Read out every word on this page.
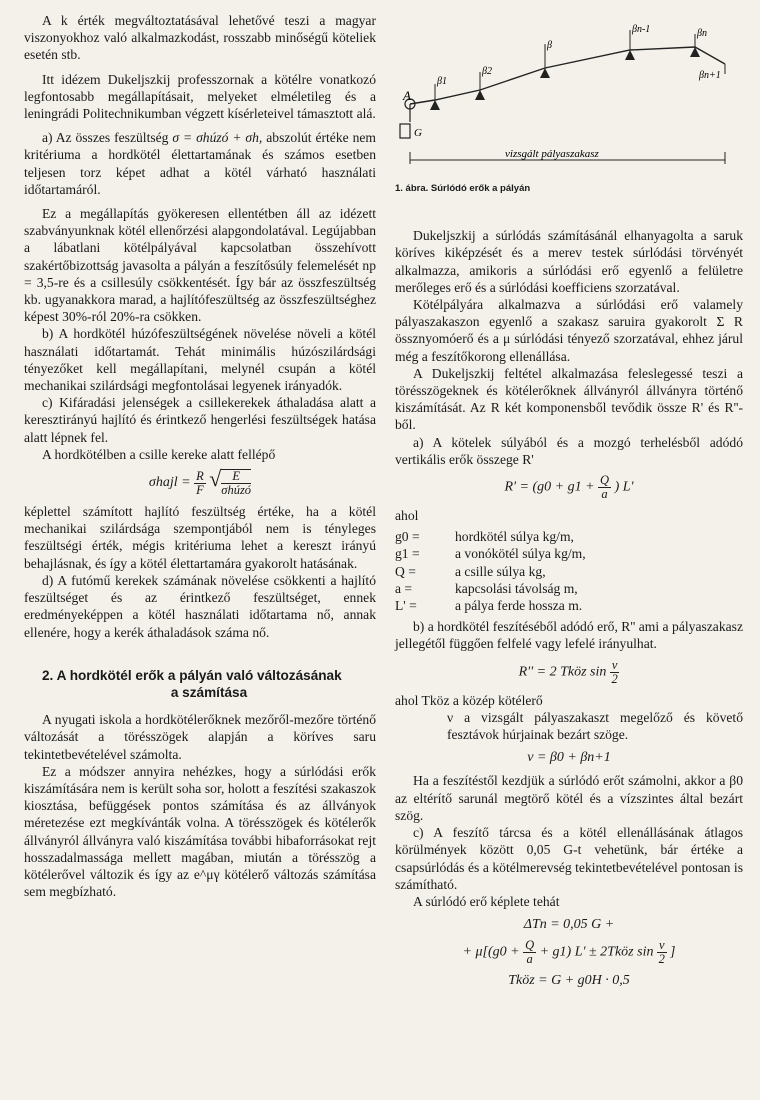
A k érték megváltoztatásával lehetővé teszi a magyar viszonyokhoz való alkalmazkodást, rosszabb minőségű köteliek esetén stb.

Itt idézem Dukeljszkij professzornak a kötélre vonatkozó legfontosabb megállapításait, melyeket elméletileg és a leningrádi Politechnikumban végzett kísérleteivel támasztott alá.

a) Az összes feszültség σ = σhúzó + σh, abszolút értéke nem kritériuma a hordkötél élettartamának és számos esetben teljesen torz képet adhat a kötél várható használati időtartamáról.

Ez a megállapítás gyökeresen ellentétben áll az idézett szabványunknak kötél ellenőrzési alapgondolatával. Legújabban a lábatlani kötélpályával kapcsolatban összehívott szakértőbizottság javasolta a pályán a feszítősúly felemelését np = 3,5-re és a csillesúly csökkentését. Így bár az összfeszültség kb. ugyanakkora marad, a hajlítófeszültség az összfeszültséghez képest 30%-ról 20%-ra csökken.

b) A hordkötél húzófeszültségének növelése növeli a kötél használati időtartamát. Tehát minimális húzószilárdsági tényezőket kell megállapítani, melynél csupán a kötél mechanikai szilárdsági megfontolásai legyenek irányadók.

c) Kifáradási jelenségek a csillekerekek áthaladása alatt a keresztirányú hajlító és érintkező hengerlési feszültségek hatása alatt lépnek fel.

A hordkötélben a csille kereke alatt fellépő

σhajl = $\frac{R}{F}$ √ $\frac{E}{\text{σhúzó}}$

képlettel számított hajlító feszültség értéke, ha a kötél mechanikai szilárdsága szempontjából nem is tényleges feszültségi érték, mégis kritériuma lehet a kereszt irányú behajlásnak, és így a kötél élettartamára gyakorolt hatásának.

d) A futómű kerekek számának növelése csökkenti a hajlító feszültséget és az érintkező feszültséget, ennek eredményeképpen a kötél használati időtartama nő, annak ellenére, hogy a kerék áthaladások száma nő.

2. A hordkötél erők a pályán való változásának

a számítása

A nyugati iskola a hordkötélerőknek mezőről-mezőre történő változását a törésszögek alapján a köríves saru tekintetbevételével számolta.

Ez a módszer annyira nehézkes, hogy a súrlódási erők kiszámítására nem is került soha sor, holott a feszítési szakaszok kiosztása, befüggések pontos számítása és az állványok méretezése ezt megkívánták volna. A törésszögek és kötélerők állványról állványra való kiszámítása további hibaforrásokat rejt hosszadalmassága mellett magában, miután a törésszög a kötélerővel változik és így az e^μγ kötélerő változás számítása sem megbízható.

A
G
β1
β2
β
βn-1	βn
βn+1
vizsgált pályaszakasz

1. ábra. Súrlódó erők a pályán

Dukeljszkij a súrlódás számításánál elhanyagolta a saruk köríves kiképzését és a merev testek súrlódási törvényét alkalmazza, amikoris a súrlódási erő egyenlő a felületre merőleges erő és a súrlódási koefficiens szorzatával.

Kötélpályára alkalmazva a súrlódási erő valamely pályaszakaszon egyenlő a szakasz saruira gyakorolt Σ R össznyomóerő és a μ súrlódási tényező szorzatával, ehhez járul még a feszítőkorong ellenállása.

A Dukeljszkij feltétel alkalmazása feleslegessé teszi a törésszögeknek és kötélerőknek állványról állványra történő kiszámítását. Az R két komponensből tevődik össze R' és R''-ből.

a) A kötelek súlyából és a mozgó terhelésből adódó vertikális erők összege R'

$R' = (g0 + g1 + \frac{Q}{a}$ ) L'

ahol

g0 =	hordkötél súlya kg/m,
g1 =	a vonókötél súlya kg/m,
Q =	a csille súlya kg,
a =	kapcsolási távolság m,
L' =	a pálya ferde hossza m.

b) a hordkötél feszítéséből adódó erő, R'' ami a pályaszakasz jellegétől függően felfelé vagy lefelé irányulhat.

R'' = 2 Tköz $\sin \frac{\nu}{2}$

ahol Tköz a közép kötélerő

ν a vizsgált pályaszakaszt megelőző és követő fesztávok húrjainak bezárt szöge.

ν = β0 + βn+1

Ha a feszítéstől kezdjük a súrlódó erőt számolni, akkor a β0 az eltérítő sarunál megtörő kötél és a vízszintes által bezárt szög.

c) A feszítő tárcsa és a kötél ellenállásának átlagos körülmények között 0,05 G-t vehetünk, bár értéke a csapsúrlódás és a kötélmerevség tekintetbevételével pontosan is számítható.

A súrlódó erő képlete tehát

ΔTn = 0,05 G +
+ $\mu[(g0 + \frac{Q}{a} + g1)$ L' ± 2Tköz $\sin \frac{\nu}{2}$ ]
Tköz = G + g0H · 0,5
